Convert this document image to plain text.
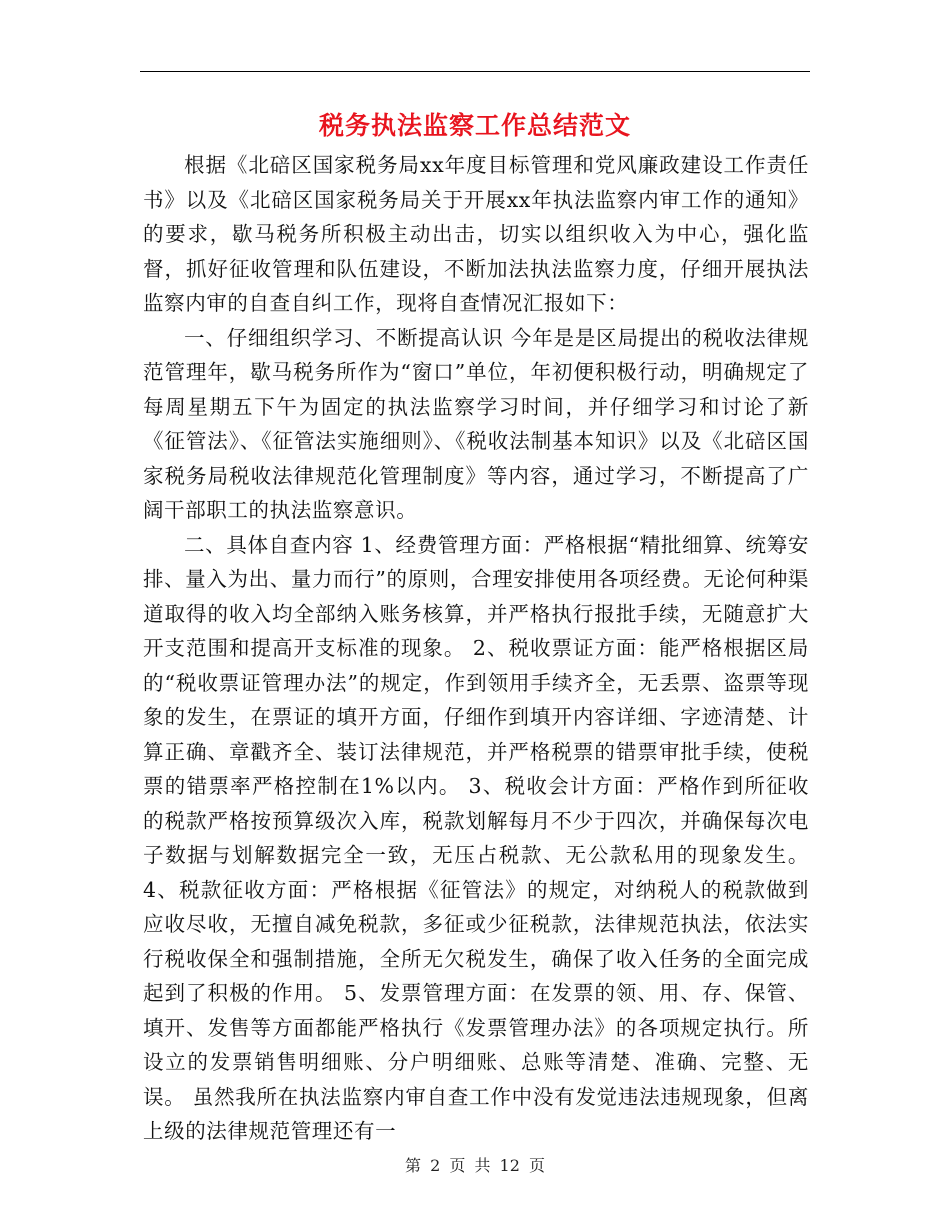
税务执法监察工作总结范文

根据《北碚区国家税务局xx年度目标管理和党风廉政建设工作责任书》以及《北碚区国家税务局关于开展xx年执法监察内审工作的通知》的要求，歇马税务所积极主动出击，切实以组织收入为中心，强化监督，抓好征收管理和队伍建设，不断加法执法监察力度，仔细开展执法监察内审的自查自纠工作，现将自查情况汇报如下：

一、仔细组织学习、不断提高认识 今年是是区局提出的税收法律规范管理年，歇马税务所作为“窗口”单位，年初便积极行动，明确规定了每周星期五下午为固定的执法监察学习时间，并仔细学习和讨论了新《征管法》、《征管法实施细则》、《税收法制基本知识》以及《北碚区国家税务局税收法律规范化管理制度》等内容，通过学习，不断提高了广阔干部职工的执法监察意识。

二、具体自查内容 1、经费管理方面：严格根据“精批细算、统筹安排、量入为出、量力而行”的原则，合理安排使用各项经费。无论何种渠道取得的收入均全部纳入账务核算，并严格执行报批手续，无随意扩大开支范围和提高开支标准的现象。 2、税收票证方面：能严格根据区局的“税收票证管理办法”的规定，作到领用手续齐全，无丢票、盗票等现象的发生，在票证的填开方面，仔细作到填开内容详细、字迹清楚、计算正确、章戳齐全、装订法律规范，并严格税票的错票审批手续，使税票的错票率严格控制在1%以内。 3、税收会计方面：严格作到所征收的税款严格按预算级次入库，税款划解每月不少于四次，并确保每次电子数据与划解数据完全一致，无压占税款、无公款私用的现象发生。 4、税款征收方面：严格根据《征管法》的规定，对纳税人的税款做到应收尽收，无擅自减免税款，多征或少征税款，法律规范执法，依法实行税收保全和强制措施，全所无欠税发生，确保了收入任务的全面完成起到了积极的作用。 5、发票管理方面：在发票的领、用、存、保管、填开、发售等方面都能严格执行《发票管理办法》的各项规定执行。所设立的发票销售明细账、分户明细账、总账等清楚、准确、完整、无误。 虽然我所在执法监察内审自查工作中没有发觉违法违规现象，但离上级的法律规范管理还有一

第 2 页 共 12 页
